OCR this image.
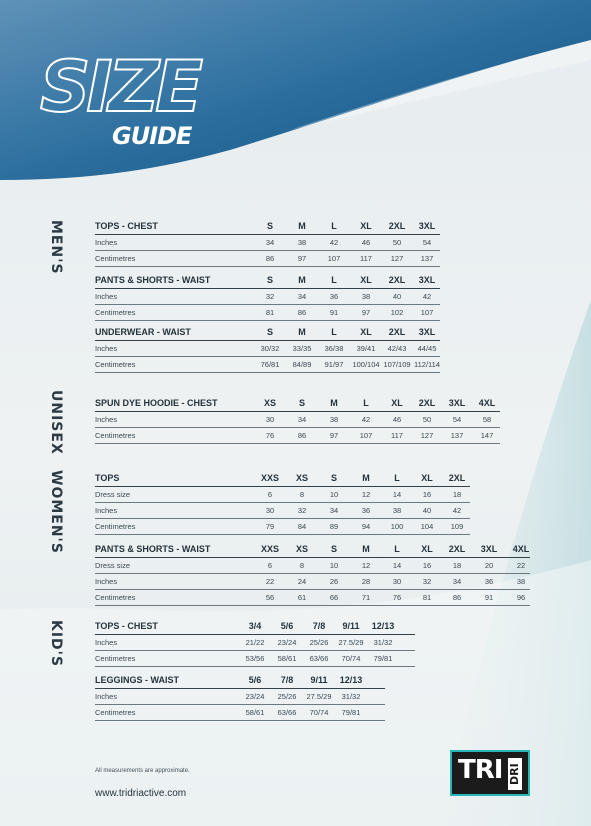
SIZE
GUIDE
MEN'S
UNISEX
WOMEN'S
KID'S
TOPS - CHEST	S	M	L	XL 2XL 3XL
Inches	34	38	42	46	50	54
Centimetres	86	97	107	117	127 137
PANTS & SHORTS - WAIST	S	M	L	XL 2XL 3XL
Inches	32	34	36	38	40	42
Centimetres	81	86	91	97	102 107
UNDERWEAR - WAIST	S	M	L	XL 2XL 3XL
Inches	30/32 33/35 36/38 39/41 42/43 44/45
Centimetres	76/81 84/89 91/97 100/104 107/109 112/114
SPUN DYE HOODIE - CHEST	XS	S	M	L XL 2XL 3XL 4XL
Inches	30	34	38	42	46	50	54	58
Centimetres	76	86	97	107	117 127 137 147
TOPS	XXS XS	S	M	L XL 2XL
Dress size	6	8	10	12	14	16	18
Inches	30	32	34	36	38	40	42
Centimetres	79	84	89	94	100 104 109
PANTS & SHORTS - WAIST	XXS XS	S	M	L XL 2XL 3XL 4XL
Dress size	6	8	10	12	14	16	18	20	22
Inches	22	24	26	28	30	32	34	36	38
Centimetres	56	61	66	71	76	81	86	91	96
TOPS - CHEST	3/4 5/6 7/8 9/11 12/13
Inches	21/22 23/24 25/26 27.5/29 31/32
Centimetres	53/56 58/61 63/66 70/74 79/81
LEGGINGS - WAIST	5/6 7/8 9/11 12/13
Inches	23/24 25/26 27.5/29 31/32
Centimetres	58/61 63/66 70/74 79/81
All measurements are approximate.
www.tridriactive.com
TRI DRI
